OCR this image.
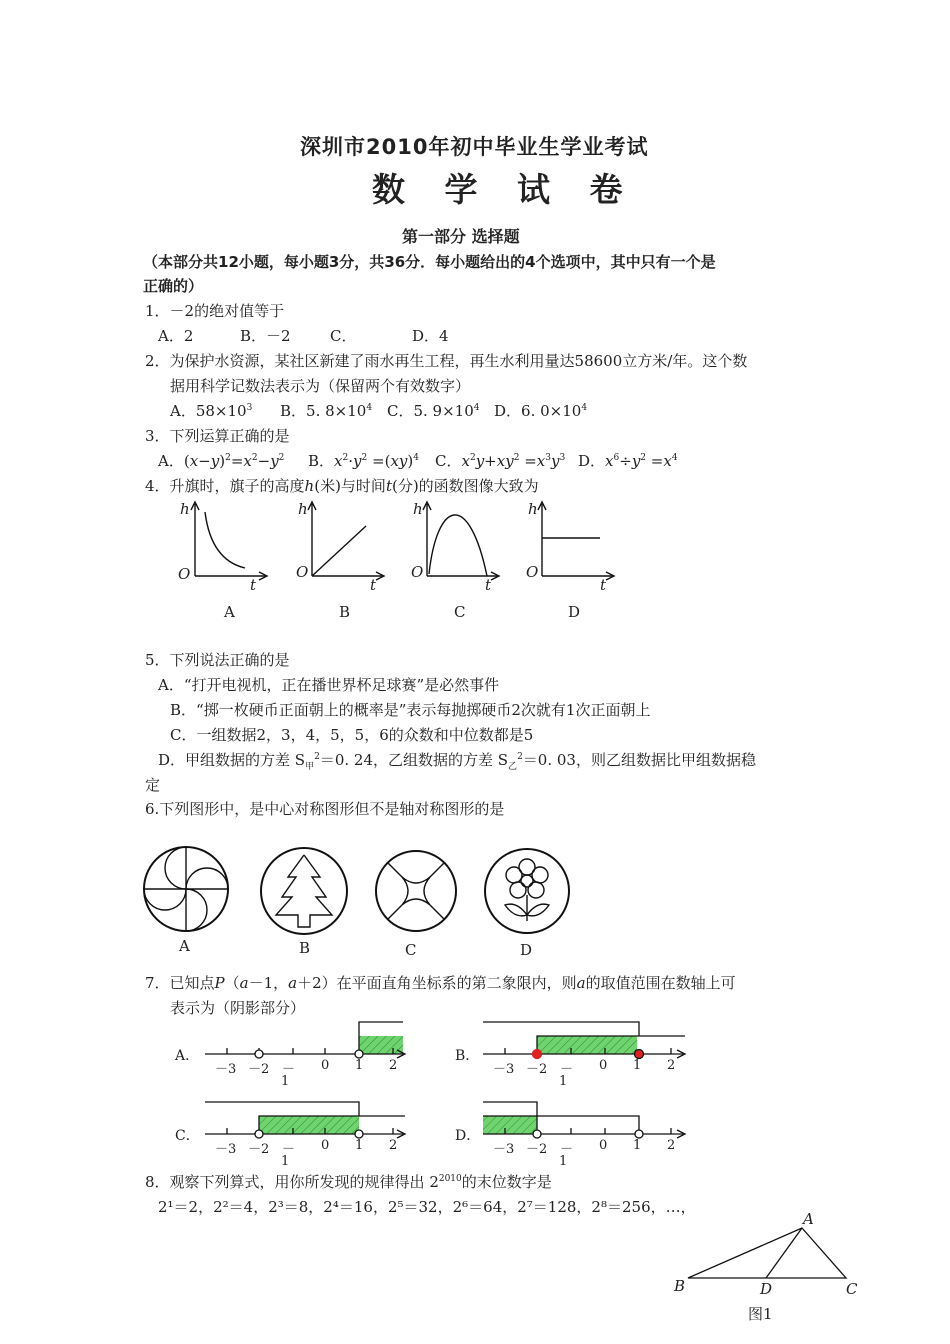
深圳市2010年初中毕业生学业考试
数 学 试 卷
第一部分 选择题
（本部分共12小题，每小题3分，共36分．每小题给出的4个选项中，其中只有一个是
正确的）
1．－2的绝对值等于
A．2	B．－2	C．	D．4
2．为保护水资源，某社区新建了雨水再生工程，再生水利用量达58600立方米/年。这个数
据用科学记数法表示为（保留两个有效数字）
A．$58\times 10^3$ B．5. $8\times 10^4$ C．5. $9\times 10^4$ D．6. $0\times 10^4$
3．下列运算正确的是
A．$(x-y)^2=x^2-y^2$ B．$x^2\cdot y^2 =(xy)^4$ C．$x^2y+xy^2 =x^3y^3$ D．$x^6\div y^2 =x^4$
4．升旗时，旗子的高度h(米)与时间t(分)的函数图像大致为
h
O
t
h
O
t
h
O
t
h
O
t
A	B	C	D
5．下列说法正确的是
A．“打开电视机，正在播世界杯足球赛”是必然事件
B．“掷一枚硬币正面朝上的概率是”表示每抛掷硬币2次就有1次正面朝上
C．一组数据2，3，4，5，5，6的众数和中位数都是5
D．甲组数据的方差 $S_甲^2=0$. 24，乙组数据的方差 $S_乙^2=0$. 03，则乙组数据比甲组数据稳
定
6.下列图形中，是中心对称图形但不是轴对称图形的是
A	B	C	D
7．已知点P（a－1，a＋2）在平面直角坐标系的第二象限内，则a的取值范围在数轴上可
表示为（阴影部分）
A．	B．
C．	D．
－3 －2 －
1
0 1 2	－3 －2 －
1
0 1 2
－3 －2 －
1
0 1 2	－3 －2 －
1
0 1 2
8．观察下列算式，用你所发现的规律得出 $2^{2010}$的末位数字是
2¹＝2，2²＝4，2³＝8，2⁴＝16，2⁵＝32，2⁶＝64，2⁷＝128，2⁸＝256，…，
A
B	D	C
图1
